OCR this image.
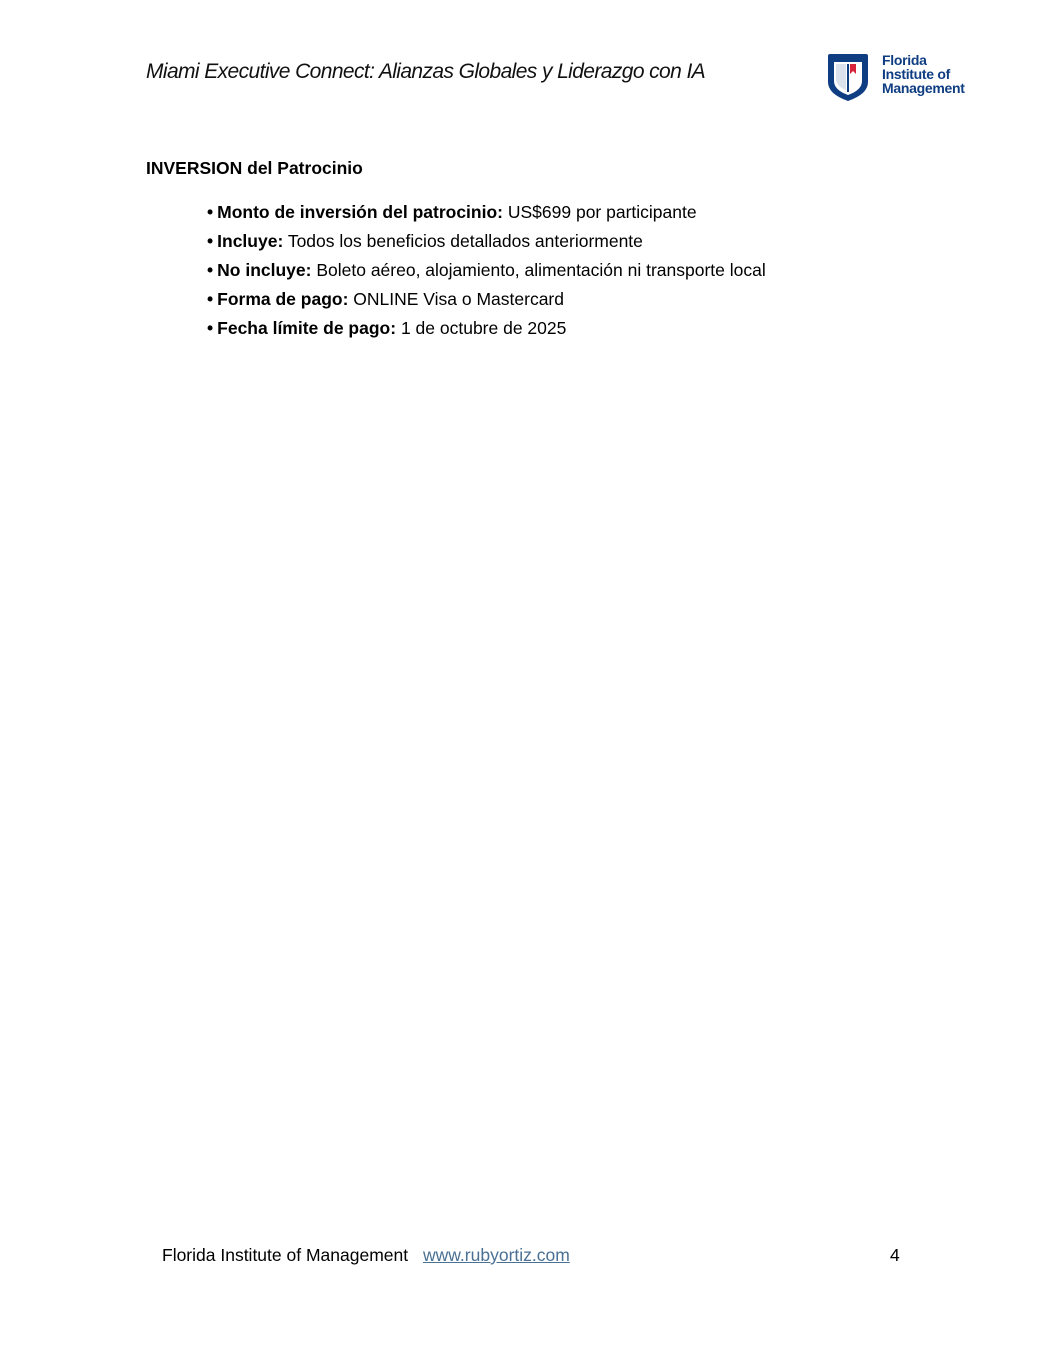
Miami Executive Connect: Alianzas Globales y Liderazgo con IA	Florida
Institute of
Management
INVERSION del Patrocinio
• Monto de inversión del patrocinio: US$699 por participante
• Incluye: Todos los beneficios detallados anteriormente
• No incluye: Boleto aéreo, alojamiento, alimentación ni transporte local
• Forma de pago: ONLINE Visa o Mastercard
• Fecha límite de pago: 1 de octubre de 2025
Florida Institute of Management www.rubyortiz.com	4
